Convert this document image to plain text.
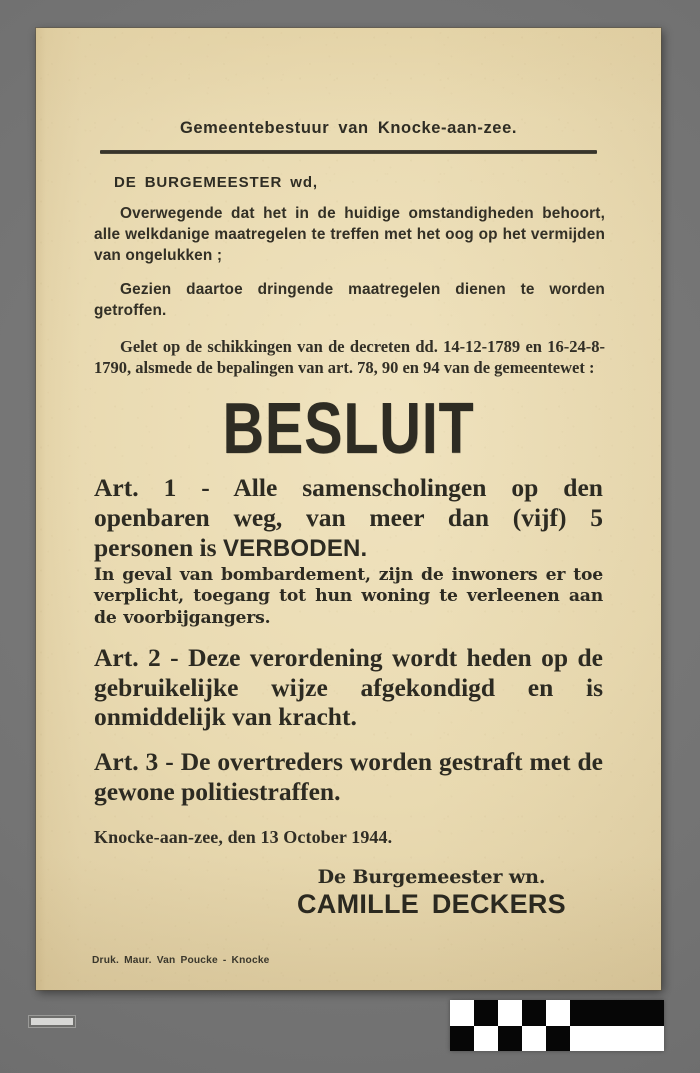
Gemeentebestuur van Knocke-aan-zee.
DE BURGEMEESTER wd,

Overwegende dat het in de huidige omstandigheden behoort, alle welkdanige maatregelen te treffen met het oog op het vermijden van ongelukken ;

Gezien daartoe dringende maatregelen dienen te worden getroffen.

Gelet op de schikkingen van de decreten dd. 14-12-1789 en 16-24-8-1790, alsmede de bepalingen van art. 78, 90 en 94 van de gemeentewet :

BESLUIT

Art. 1 - Alle samenscholingen op den openbaren weg, van meer dan (vijf) 5 personen is VERBODEN.

In geval van bombardement, zijn de inwoners er toe verplicht, toegang tot hun woning te verleenen aan de voorbijgangers.

Art. 2 - Deze verordening wordt heden op de gebruikelijke wijze afgekondigd en is onmiddelijk van kracht.

Art. 3 - De overtreders worden gestraft met de gewone politiestraffen.

Knocke-aan-zee, den 13 October 1944.
De Burgemeester wn.
CAMILLE DECKERS
Druk. Maur. Van Poucke - Knocke
